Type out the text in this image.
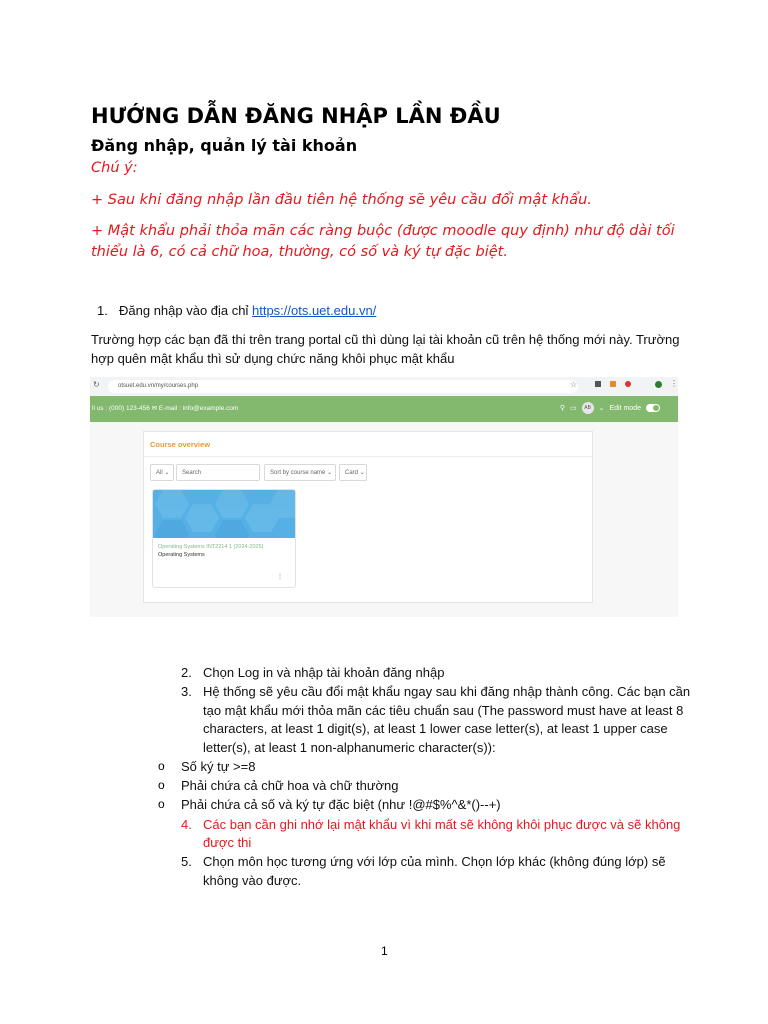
HƯỚNG DẪN ĐĂNG NHẬP LẦN ĐẦU
Đăng nhập, quản lý tài khoản
Chú ý:
+ Sau khi đăng nhập lần đầu tiên hệ thống sẽ yêu cầu đổi mật khẩu.
+ Mật khẩu phải thỏa mãn các ràng buộc (được moodle quy định) như độ dài tối
thiểu là 6, có cả chữ hoa, thường, có số và ký tự đặc biệt.
1. Đăng nhập vào địa chỉ https://ots.uet.edu.vn/
Trường hợp các bạn đã thi trên trang portal cũ thì dùng lại tài khoản cũ trên hệ thống mới này. Trường
hợp quên mật khẩu thì sử dụng chức năng khôi phục mật khẩu
↻	otsuet.edu.vn/my/courses.php	☆	⋮
ll us : (000) 123-456 ✉ E-mail : info@example.com	⚲ ▭	AB	⌄ Edit mode
Course overview
All ⌄	Search	Sort by course name ⌄	Card ⌄
Operating Systems INT2214 1 (2024-2025)
Operating Systems
⋮
2. Chọn Log in và nhập tài khoản đăng nhập
3. Hệ thống sẽ yêu cầu đổi mật khẩu ngay sau khi đăng nhập thành công. Các bạn cần
tạo mật khẩu mới thỏa mãn các tiêu chuẩn sau (The password must have at least 8
characters, at least 1 digit(s), at least 1 lower case letter(s), at least 1 upper case
letter(s), at least 1 non-alphanumeric character(s)):
o Số ký tự >=8
o Phải chứa cả chữ hoa và chữ thường
o Phải chứa cả số và ký tự đặc biệt (như !@#$%^&*()--+)
4. Các bạn cần ghi nhớ lại mật khẩu vì khi mất sẽ không khôi phục được và sẽ không
được thi
5. Chọn môn học tương ứng với lớp của mình. Chọn lớp khác (không đúng lớp) sẽ
không vào được.
1
